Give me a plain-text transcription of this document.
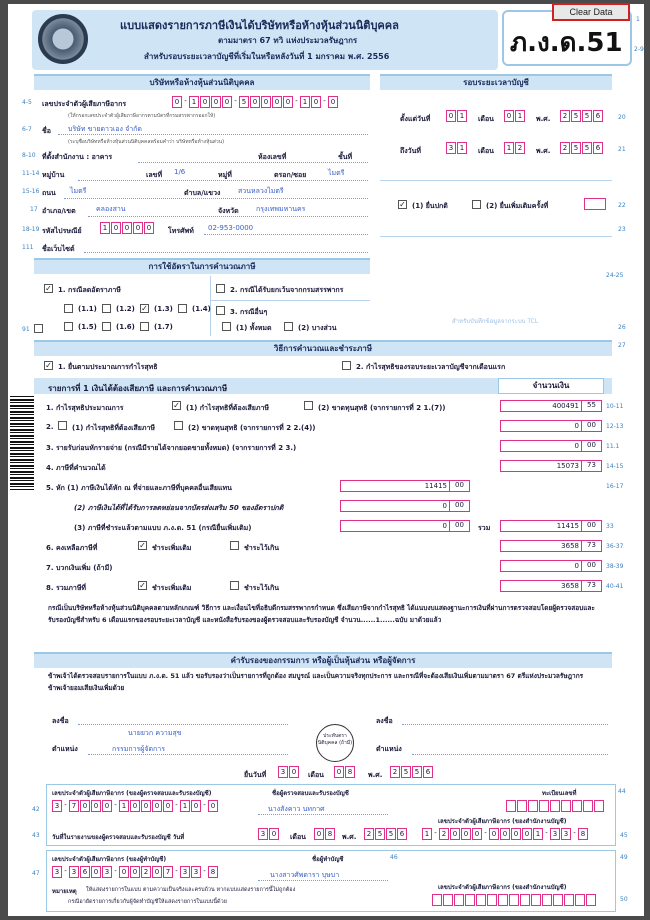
แบบแสดงรายการภาษีเงินได้บริษัทหรือห้างหุ้นส่วนนิติบุคคล
ตามมาตรา 67 ทวิ แห่งประมวลรัษฎากร
สำหรับรอบระยะเวลาบัญชีที่เริ่มในหรือหลังวันที่ 1 มกราคม พ.ศ. 2556	ภ.ง.ด.51
Clear Data
บริษัทหรือห้างหุ้นส่วนนิติบุคคล	รอบระยะเวลาบัญชี
4-5 เลขประจำตัวผู้เสียภาษีอากร	0 - 1 0 0 0 - 5 0 0 0 0 - 1 0 - 0
(ให้กรอกเลขประจำตัวผู้เสียภาษีอากรตามบัตรที่กรมสรรพากรออกให้)
6-7 ชื่อ บริษัท ขายดาวเอง จำกัด
(ระบุชื่อบริษัทหรือห้างหุ้นส่วนนิติบุคคลพร้อมคำว่า บริษัทหรือห้างหุ้นส่วน)
8-10 ที่ตั้งสำนักงาน : อาคาร	ห้องเลขที่	ชั้นที่
11-14 หมู่บ้าน	เลขที่ 1/6	หมู่ที่	ตรอก/ซอย	ไมตรี
15-16 ถนน ไมตรี	ตำบล/แขวง	สวนหลวงไมตรี
17 อำเภอ/เขต	คลองสาน	จังหวัด กรุงเทพมหานคร
18-19 รหัสไปรษณีย์	1 0 0 0 0	โทรศัพท์ 02-953-0000
111 ชื่อเว็บไซต์
ตั้งแต่วันที่	0 1	เดือน	0 1	พ.ศ.	2 5 5 6
ถึงวันที่	3 1	เดือน	1 2	พ.ศ.	2 5 5 6
✓ (1) ยื่นปกติ	(2) ยื่นเพิ่มเติมครั้งที่
สำหรับบันทึกข้อมูลจากระบบ TCL
1
2-9
20
21
22
23
24-25
26
27
การใช้อัตราในการคำนวณภาษี
✓ 1. กรณีลดอัตราภาษี	2. กรณีได้รับยกเว้นจากกรมสรรพากร
(1.1)	(1.2) ✓ (1.3)	(1.4)
(1.5)	(1.6)	(1.7)
3. กรณีอื่นๆ
(1) ทั้งหมด	(2) บางส่วน
91
วิธีการคำนวณและชำระภาษี
✓ 1. ยื่นตามประมาณการกำไรสุทธิ	2. กำไรสุทธิของรอบระยะเวลาบัญชีจากเดือนแรก
รายการที่ 1 เงินได้ต้องเสียภาษี และการคำนวณภาษี	จำนวนเงิน
1. กำไรสุทธิประมาณการ	✓ (1) กำไรสุทธิที่ต้องเสียภาษี	(2) ขาดทุนสุทธิ (จากรายการที่ 2 1.(7))	400491	55
2.	(1) กำไรสุทธิที่ต้องเสียภาษี	(2) ขาดทุนสุทธิ (จากรายการที่ 2 2.(4))	0	00
3. รายรับก่อนหักรายจ่าย (กรณีมีรายได้จากยอดขายทั้งหมด) (จากรายการที่ 2 3.)	0	00
4. ภาษีที่คำนวณได้	15073	73
5. หัก (1) ภาษีเงินได้หัก ณ ที่จ่ายและภาษีที่บุคคลอื่นเสียแทน	11415	00
(2) ภาษีเงินได้ที่ได้รับการลดหย่อนจากบัตรส่งเสริม 50 ของอัตราปกติ	0	00
(3) ภาษีที่ชำระแล้วตามแบบ ภ.ง.ด. 51 (กรณียื่นเพิ่มเติม)	0	00	รวม	11415	00
6. คงเหลือภาษีที่	✓ ชำระเพิ่มเติม	ชำระไว้เกิน	3658	73
7. บวกเงินเพิ่ม (ถ้ามี)	0	00
8. รวมภาษีที่	✓ ชำระเพิ่มเติม	ชำระไว้เกิน	3658	73
10-11
12-13
11.1
14-15
16-17
33
36-37
38-39
40-41
กรณีเป็นบริษัทหรือห้างหุ้นส่วนนิติบุคคลตามหลักเกณฑ์ วิธีการ และเงื่อนไขที่อธิบดีกรมสรรพากรกำหนด ซึ่งเสียภาษีจากกำไรสุทธิ ได้แนบงบแสดงฐานะการเงินที่ผ่านการตรวจสอบโดยผู้ตรวจสอบและรับรองบัญชีสำหรับ 6 เดือนแรกของรอบระยะเวลาบัญชี และหนังสือรับรองของผู้ตรวจสอบและรับรองบัญชี จำนวน......1......ฉบับ มาด้วยแล้ว
คำรับรองของกรรมการ หรือผู้เป็นหุ้นส่วน หรือผู้จัดการ
ข้าพเจ้าได้ตรวจสอบรายการในแบบ ภ.ง.ด. 51 แล้ว ขอรับรองว่าเป็นรายการที่ถูกต้อง สมบูรณ์ และเป็นความจริงทุกประการ และกรณีที่จะต้องเสียเงินเพิ่มตามมาตรา 67 ตรีแห่งประมวลรัษฎากร ข้าพเจ้ายอมเสียเงินเพิ่มด้วย
ลงชื่อ
นายยวก ความสุข
ตำแหน่ง	กรรมการผู้จัดการ
ประทับตรานิติบุคคล (ถ้ามี)
ลงชื่อ
ตำแหน่ง
ยื่นวันที่	3 0	เดือน	0 8	พ.ศ.	2 5 5 6
เลขประจำตัวผู้เสียภาษีอากร (ของผู้ตรวจสอบและรับรองบัญชี)
3 - 7 0 0 0 - 1 0 0 0 0 - 1 0 - 0
ชื่อผู้ตรวจสอบและรับรองบัญชี
นางสังคาว นทกาศ
ทะเบียนเลขที่
เลขประจำตัวผู้เสียภาษีอากร (ของสำนักงานบัญชี)
1 - 2 0 0 0 - 0 0 0 0 1 - 3 3 - 8
วันที่ในรายงานของผู้ตรวจสอบและรับรองบัญชี วันที่	3 0	เดือน	0 8	พ.ศ.	2 5 5 6
42
44
45
43
เลขประจำตัวผู้เสียภาษีอากร (ของผู้ทำบัญชี)
3 - 3 6 0 3 - 0 0 2 0 7 - 3 3 - 8
ชื่อผู้ทำบัญชี
นางสาวศัพดารา บุษบา
หมายเหตุ ให้แสดงรายการในแบบ ตามความเป็นจริงและครบถ้วน หากแบบแสดงรายการนี้ไม่ถูกต้อง
กรณีอายัดรายการเกี่ยวกับผู้จัดทำบัญชีให้แสดงรายการในแบบนี้ด้วย
เลขประจำตัวผู้เสียภาษีอากร (ของสำนักงานบัญชี)
47
46	49
50
